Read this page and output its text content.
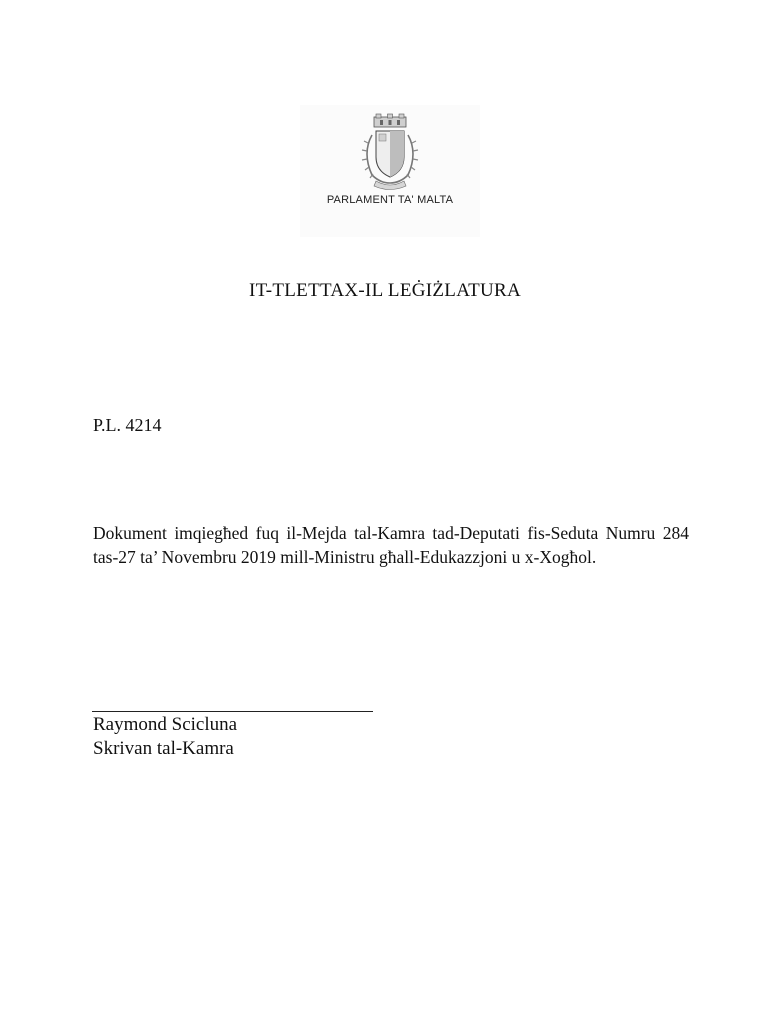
PARLAMENT TA' MALTA
IT-TLETTAX-IL LEĠIŻLATURA
P.L. 4214
Dokument imqiegħed fuq il-Mejda tal-Kamra tad-Deputati fis-Seduta Numru 284 tas-27 ta’ Novembru 2019 mill-Ministru għall-Edukazzjoni u x-Xogħol.
Raymond Scicluna
Skrivan tal-Kamra
